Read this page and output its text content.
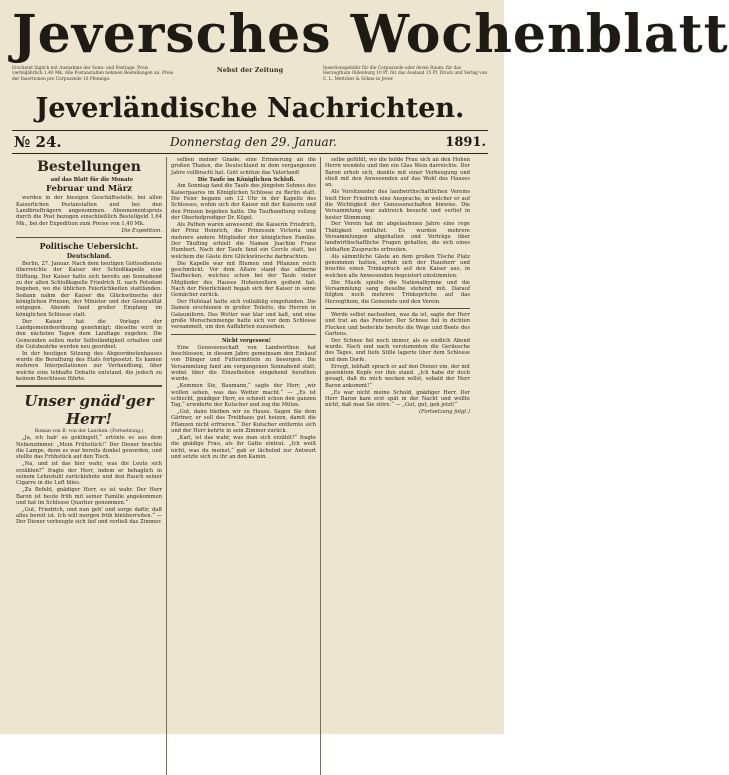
Jeversches Wochenblatt

Erscheint täglich mit Ausnahme der Sonn- und Festtage. Preis vierteljährlich 1,40 Mk. Alle Postanstalten nehmen Bestellungen an. Preis der Insertionen pro Corpuszeile 10 Pfennige.

Nebst der Zeitung	Insertionsgebühr für die Corpuszeile oder deren Raum: für das Herzogthum Oldenburg 10 Pf. für das Ausland 15 Pf. Druck und Verlag von C. L. Mettcker & Söhne in Jever.

Jeverländische Nachrichten.
№ 24.	Donnerstag den 29. Januar.	1891.
Bestellungen

auf das Blatt für die Monate

Februar und März

werden in der hiesigen Geschäftsstelle, bei allen Kaiserlichen Postanstalten und bei den Landbriefträgern angenommen. Abonnementspreis durch die Post bezogen einschließlich Bestellgeld 1,64 Mk., bei der Expedition zum Preise von 1,40 Mk.

Die Expedition.

Politische Uebersicht.
Deutschland.

Berlin, 27. Januar. Nach dem heutigen Gottesdienste überreichte der Kaiser der Schloßkapelle eine Stiftung. Der Kaiser hatte sich bereits am Sonnabend zu der alten Schloßkapelle Friedrich II. nach Potsdam begeben, wo die üblichen Feierlichkeiten stattfanden. Sodann nahm der Kaiser die Glückwünsche der königlichen Prinzen, der Minister und der Generalität entgegen. Abends fand großer Empfang im königlichen Schlosse statt.

Der Kaiser hat die Vorlage der Landgemeindeordnung genehmigt; dieselbe wird in den nächsten Tagen dem Landtage zugehen. Die Gemeinden sollen mehr Selbständigkeit erhalten und die Gutsbezirke werden neu geordnet.

In der heutigen Sitzung des Abgeordnetenhauses wurde die Berathung des Etats fortgesetzt. Es kamen mehrere Interpellationen zur Verhandlung, über welche eine lebhafte Debatte entstand, die jedoch zu keinem Beschlusse führte.

Unser gnäd'ger Herr!
Roman von B. von der Lancken. (Fortsetzung.)

„Ja, ich hab' so geklingelt,“ ertönte es aus dem Nebenzimmer. „Mein Frühstück!“ Der Diener brachte die Lampe, denn es war bereits dunkel geworden, und stellte das Frühstück auf den Tisch.

„Na, und ist das hier wahr, was die Leute sich erzählen?“ fragte der Herr, indem er behaglich in seinem Lehnstuhl zurücklehnte und den Rauch seiner Cigarre in die Luft blies.

„Zu Befehl, gnädiger Herr, es ist wahr. Der Herr Baron ist heute früh mit seiner Familie angekommen und hat im Schlosse Quartier genommen.“

„Gut, Friedrich, und nun geh' und sorge dafür, daß alles bereit ist. Ich will morgen früh hinüberreiten.“ — Der Diener verbeugte sich tief und verließ das Zimmer.

selben meiner Gnade, eine Erinnerung an die großen Thaten, die Deutschland in dem vergangenen Jahre vollbracht hat. Gott schütze das Vaterland!

Die Taufe im Königlichen Schloß.

Am Sonntag fand die Taufe des jüngsten Sohnes des Kaiserpaares im Königlichen Schlosse zu Berlin statt. Die Feier begann um 12 Uhr in der Kapelle des Schlosses, wohin sich der Kaiser mit der Kaiserin und den Prinzen begeben hatte. Die Taufhandlung vollzog der Oberhofprediger Dr. Kögel.

Als Pathen waren anwesend: die Kaiserin Friedrich, der Prinz Heinrich, die Prinzessin Victoria und mehrere andere Mitglieder der königlichen Familie. Der Täufling erhielt die Namen Joachim Franz Humbert. Nach der Taufe fand ein Cercle statt, bei welchem die Gäste ihre Glückwünsche darbrachten.

Die Kapelle war mit Blumen und Pflanzen reich geschmückt. Vor dem Altare stand das silberne Taufbecken, welches schon bei der Taufe vieler Mitglieder des Hauses Hohenzollern gedient hat. Nach der Feierlichkeit begab sich der Kaiser in seine Gemächer zurück.

Der Hofstaat hatte sich vollzählig eingefunden. Die Damen erschienen in großer Toilette, die Herren in Galauniform. Das Wetter war klar und kalt, und eine große Menschenmenge hatte sich vor dem Schlosse versammelt, um den Auffahrten zuzusehen.

Nicht vergessen!

Eine Genossenschaft von Landwirthen hat beschlossen, in diesem Jahre gemeinsam den Einkauf von Dünger und Futtermitteln zu besorgen. Die Versammlung fand am vergangenen Sonnabend statt, wobei über die Einzelheiten eingehend berathen wurde.

„Kommen Sie, Baumann,“ sagte der Herr, „wir wollen sehen, was das Wetter macht.“ — „Es ist schlecht, gnädiger Herr, es schneit schon den ganzen Tag,“ erwiderte der Kutscher und zog die Mütze.

„Gut, dann bleiben wir zu Hause. Sagen Sie dem Gärtner, er soll das Treibhaus gut heizen, damit die Pflanzen nicht erfrieren.“ Der Kutscher entfernte sich und der Herr kehrte in sein Zimmer zurück.

„Karl, ist das wahr, was man sich erzählt?“ fragte die gnädige Frau, als ihr Gatte eintrat. „Ich weiß nicht, was du meinst,“ gab er lächelnd zur Antwort und setzte sich zu ihr an den Kamin.

selbe gefühlt, wo die holde Frau sich an den Hohen Herrn wendete und ihm ein Glas Wein darreichte. Der Baron erhob sich, dankte mit einer Verbeugung und stieß mit den Anwesenden auf das Wohl des Hauses an.

Als Vorsitzender des landwirthschaftlichen Vereins hielt Herr Friedrich eine Ansprache, in welcher er auf die Wichtigkeit der Genossenschaften hinwies. Die Versammlung war zahlreich besucht und verlief in bester Stimmung.

Der Verein hat im abgelaufenen Jahre eine rege Thätigkeit entfaltet. Es wurden mehrere Versammlungen abgehalten und Vorträge über landwirthschaftliche Fragen gehalten, die sich eines lebhaften Zuspruchs erfreuten.

Als sämmtliche Gäste an dem großen Tische Platz genommen hatten, erhob sich der Hausherr und brachte einen Trinkspruch auf den Kaiser aus, in welchen alle Anwesenden begeistert einstimmten.

Die Musik spielte die Nationalhymne und die Versammlung sang dieselbe stehend mit. Darauf folgten noch mehrere Trinksprüche auf das Herzogthum, die Gemeinde und den Verein.

Werde selbst nachsehen, was da ist, sagte der Herr und trat an das Fenster. Der Schnee fiel in dichten Flocken und bedeckte bereits die Wege und Beete des Gartens.

Der Schnee fiel noch immer, als es endlich Abend wurde. Nach und nach verstummten die Geräusche des Tages, und tiefe Stille lagerte über dem Schlosse und dem Dorfe.

Erregt, lebhaft sprach er auf den Diener ein, der mit gesenktem Kopfe vor ihm stand. „Ich habe dir doch gesagt, daß du mich wecken sollst, sobald der Herr Baron ankommt!“

„Es war nicht meine Schuld, gnädiger Herr. Der Herr Baron kam erst spät in der Nacht und wollte nicht, daß man Sie störe.“ — „Gut, gut, geh jetzt!“

(Fortsetzung folgt.)
